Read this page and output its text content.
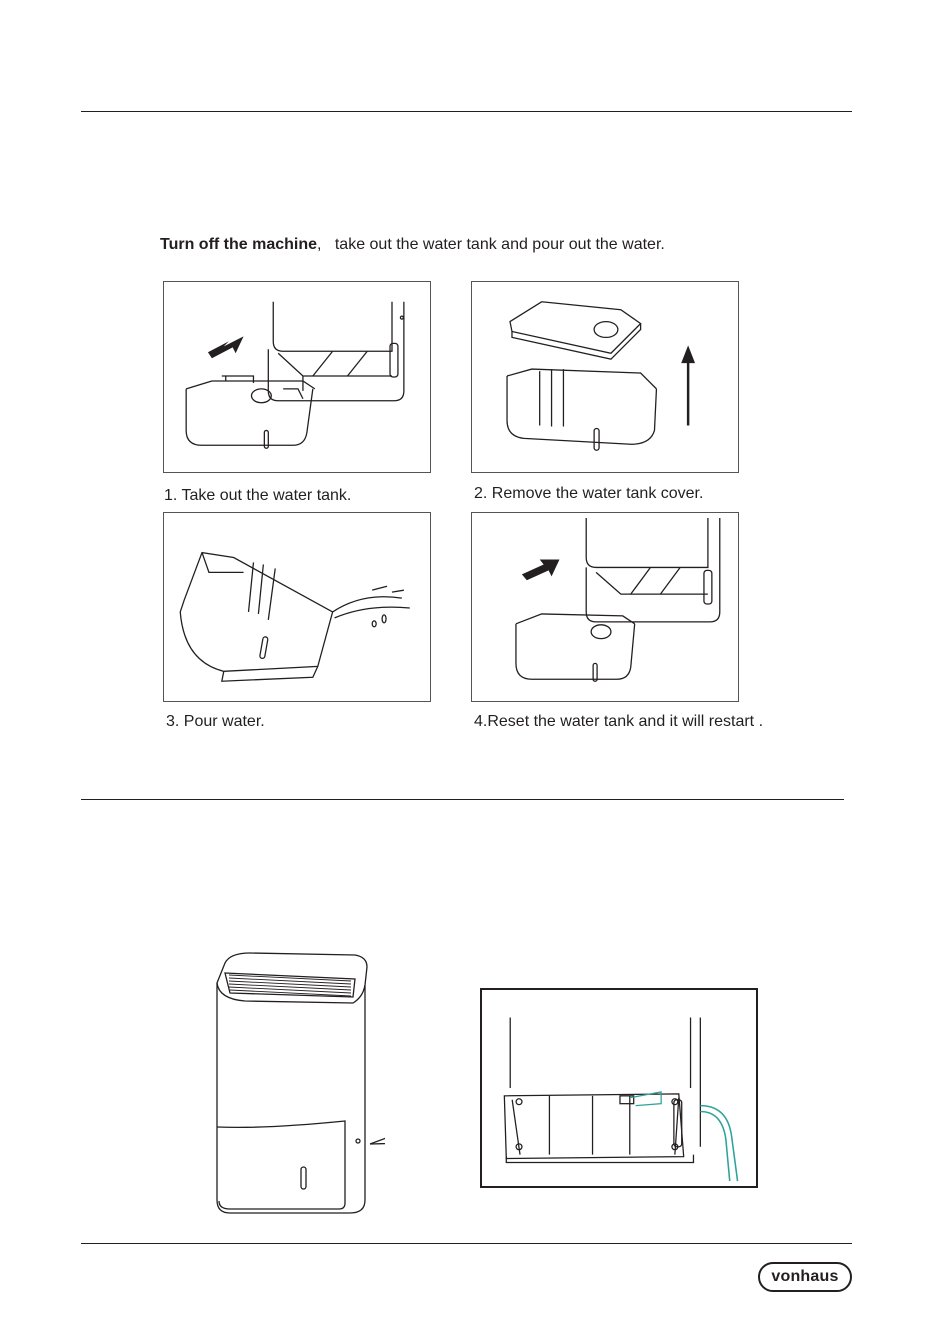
Turn off the machine, take out the water tank and pour out the water.
1. Take out the water tank.	2. Remove the water tank cover.
3. Pour water.	4.Reset the water tank and it will restart .
vonhaus
